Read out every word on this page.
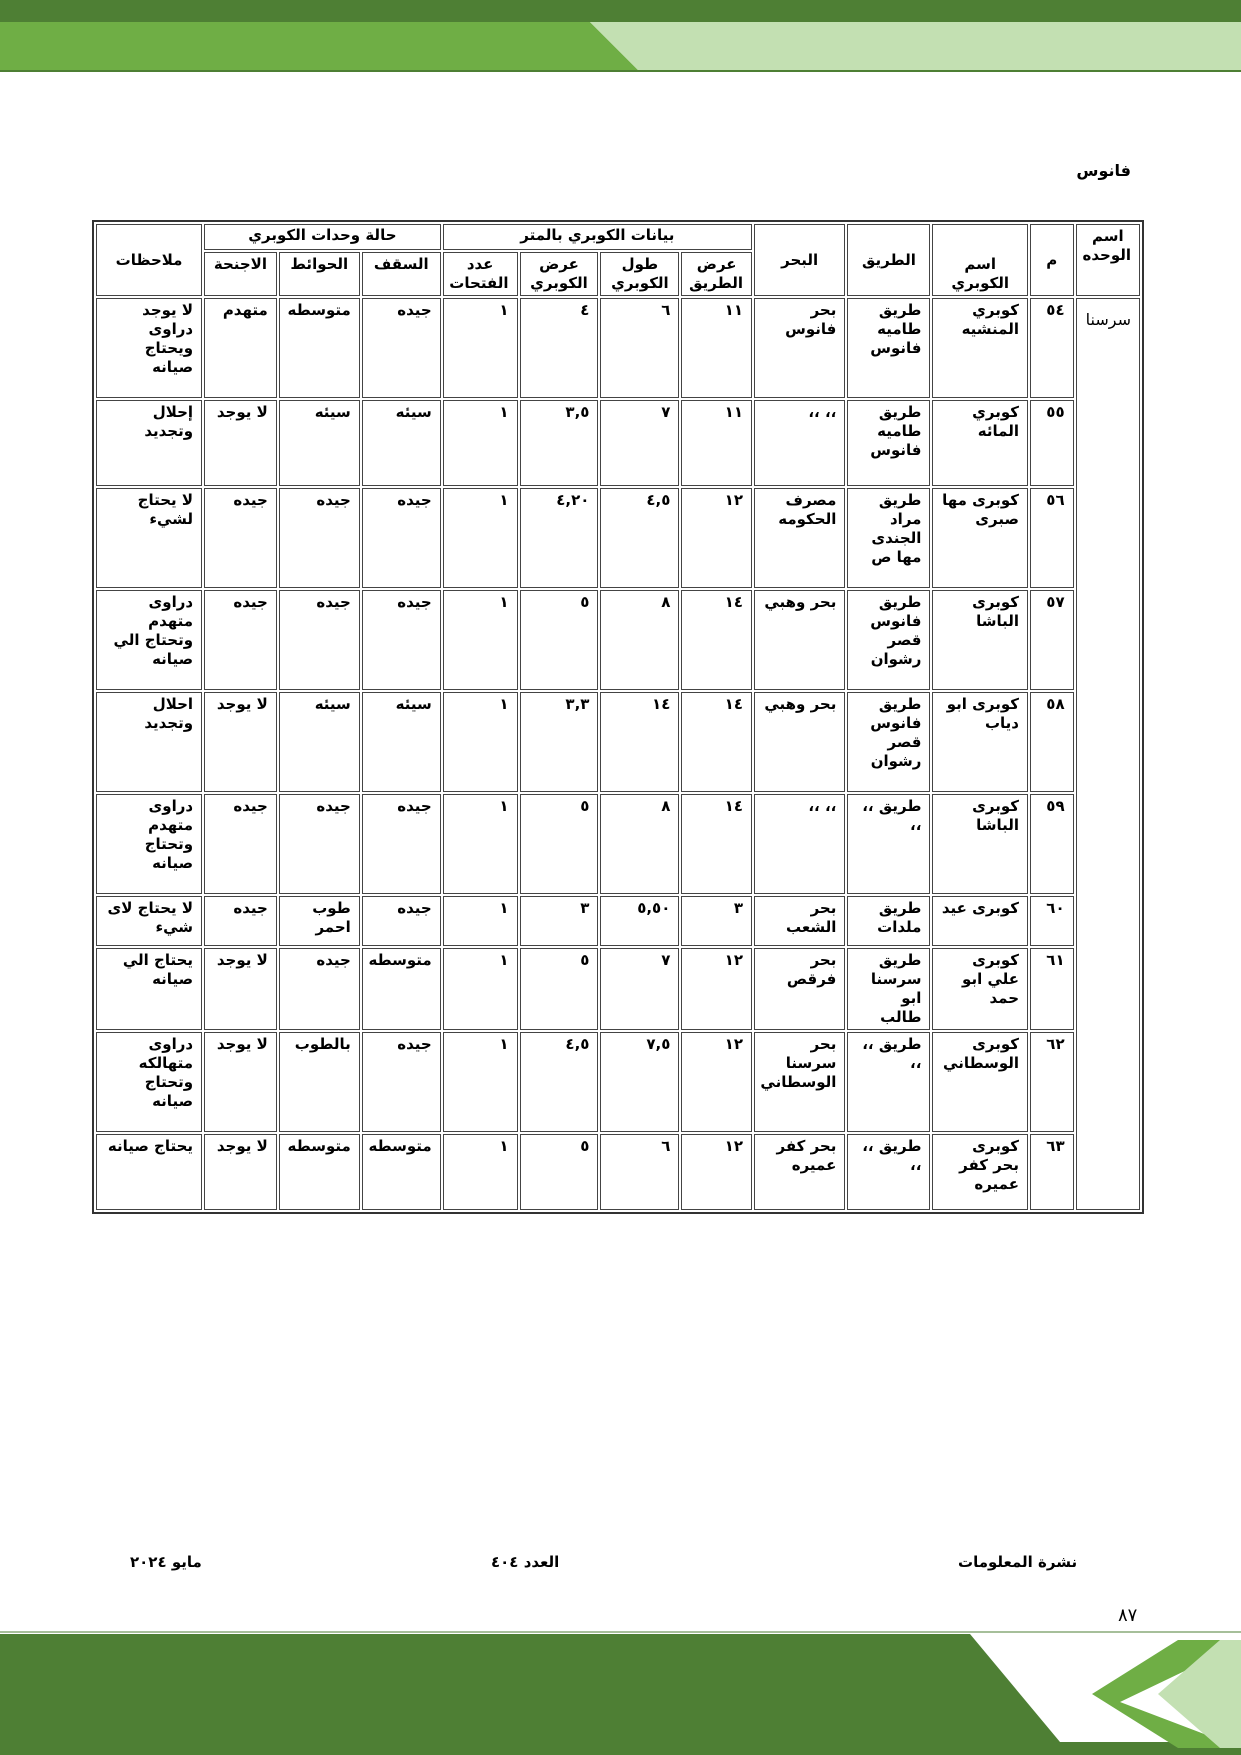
اسم الوحده	م	اسم الكوبري	الطريق	البحر	بيانات الكوبري بالمتر				حالة وحدات الكوبري			ملاحظات
					عرض الطريق	طول الكوبري	عرض الكوبري	عدد الفتحات	السقف	الحوائط	الاجنحة	

فانوس
سرسنا	٥٤	كوبري المنشيه	طريق طاميه فانوس	بحر فانوس	١١	٦	٤	١	جيده	متوسطه	متهدم	لا يوجد دراوى ويحتاج صيانه
	٥٥	كوبري المائه	طريق طاميه فانوس	،، ،،	١١	٧	٣,٥	١	سيئه	سيئه	لا يوجد	إحلال وتجديد
	٥٦	كوبرى مها صبرى	طريق مراد الجندى مها ص	مصرف الحكومه	١٢	٤,٥	٤,٢٠	١	جيده	جيده	جيده	لا يحتاج لشيء
	٥٧	كوبرى الباشا	طريق فانوس قصر رشوان	بحر وهبي	١٤	٨	٥	١	جيده	جيده	جيده	دراوى متهدم وتحتاج الي صيانه
	٥٨	كوبرى ابو دياب	طريق فانوس قصر رشوان	بحر وهبي	١٤	١٤	٣,٣	١	سيئه	سيئه	لا يوجد	احلال وتجديد
	٥٩	كوبرى الباشا	طريق ،، ،،	،، ،،	١٤	٨	٥	١	جيده	جيده	جيده	دراوى متهدم وتحتاج صيانه
	٦٠	كوبرى عيد	طريق ملدات	بحر الشعب	٣	٥,٥٠	٣	١	جيده	طوب احمر	جيده	لا يحتاج لاى شيء
	٦١	كوبرى علي ابو حمد	طريق سرسنا ابو طالب	بحر فرقص	١٢	٧	٥	١	متوسطه	جيده	لا يوجد	يحتاج الي صيانه
	٦٢	كوبرى الوسطاني	طريق ،، ،،	بحر سرسنا الوسطاني	١٢	٧,٥	٤,٥	١	جيده	بالطوب	لا يوجد	دراوى متهالكه وتحتاج صيانه
	٦٣	كوبرى بحر كفر عميره	طريق ،، ،،	بحر كفر عميره	١٢	٦	٥	١	متوسطه	متوسطه	لا يوجد	يحتاج صيانه
نشرة المعلومات
العدد ٤٠٤
مايو ٢٠٢٤
٨٧
